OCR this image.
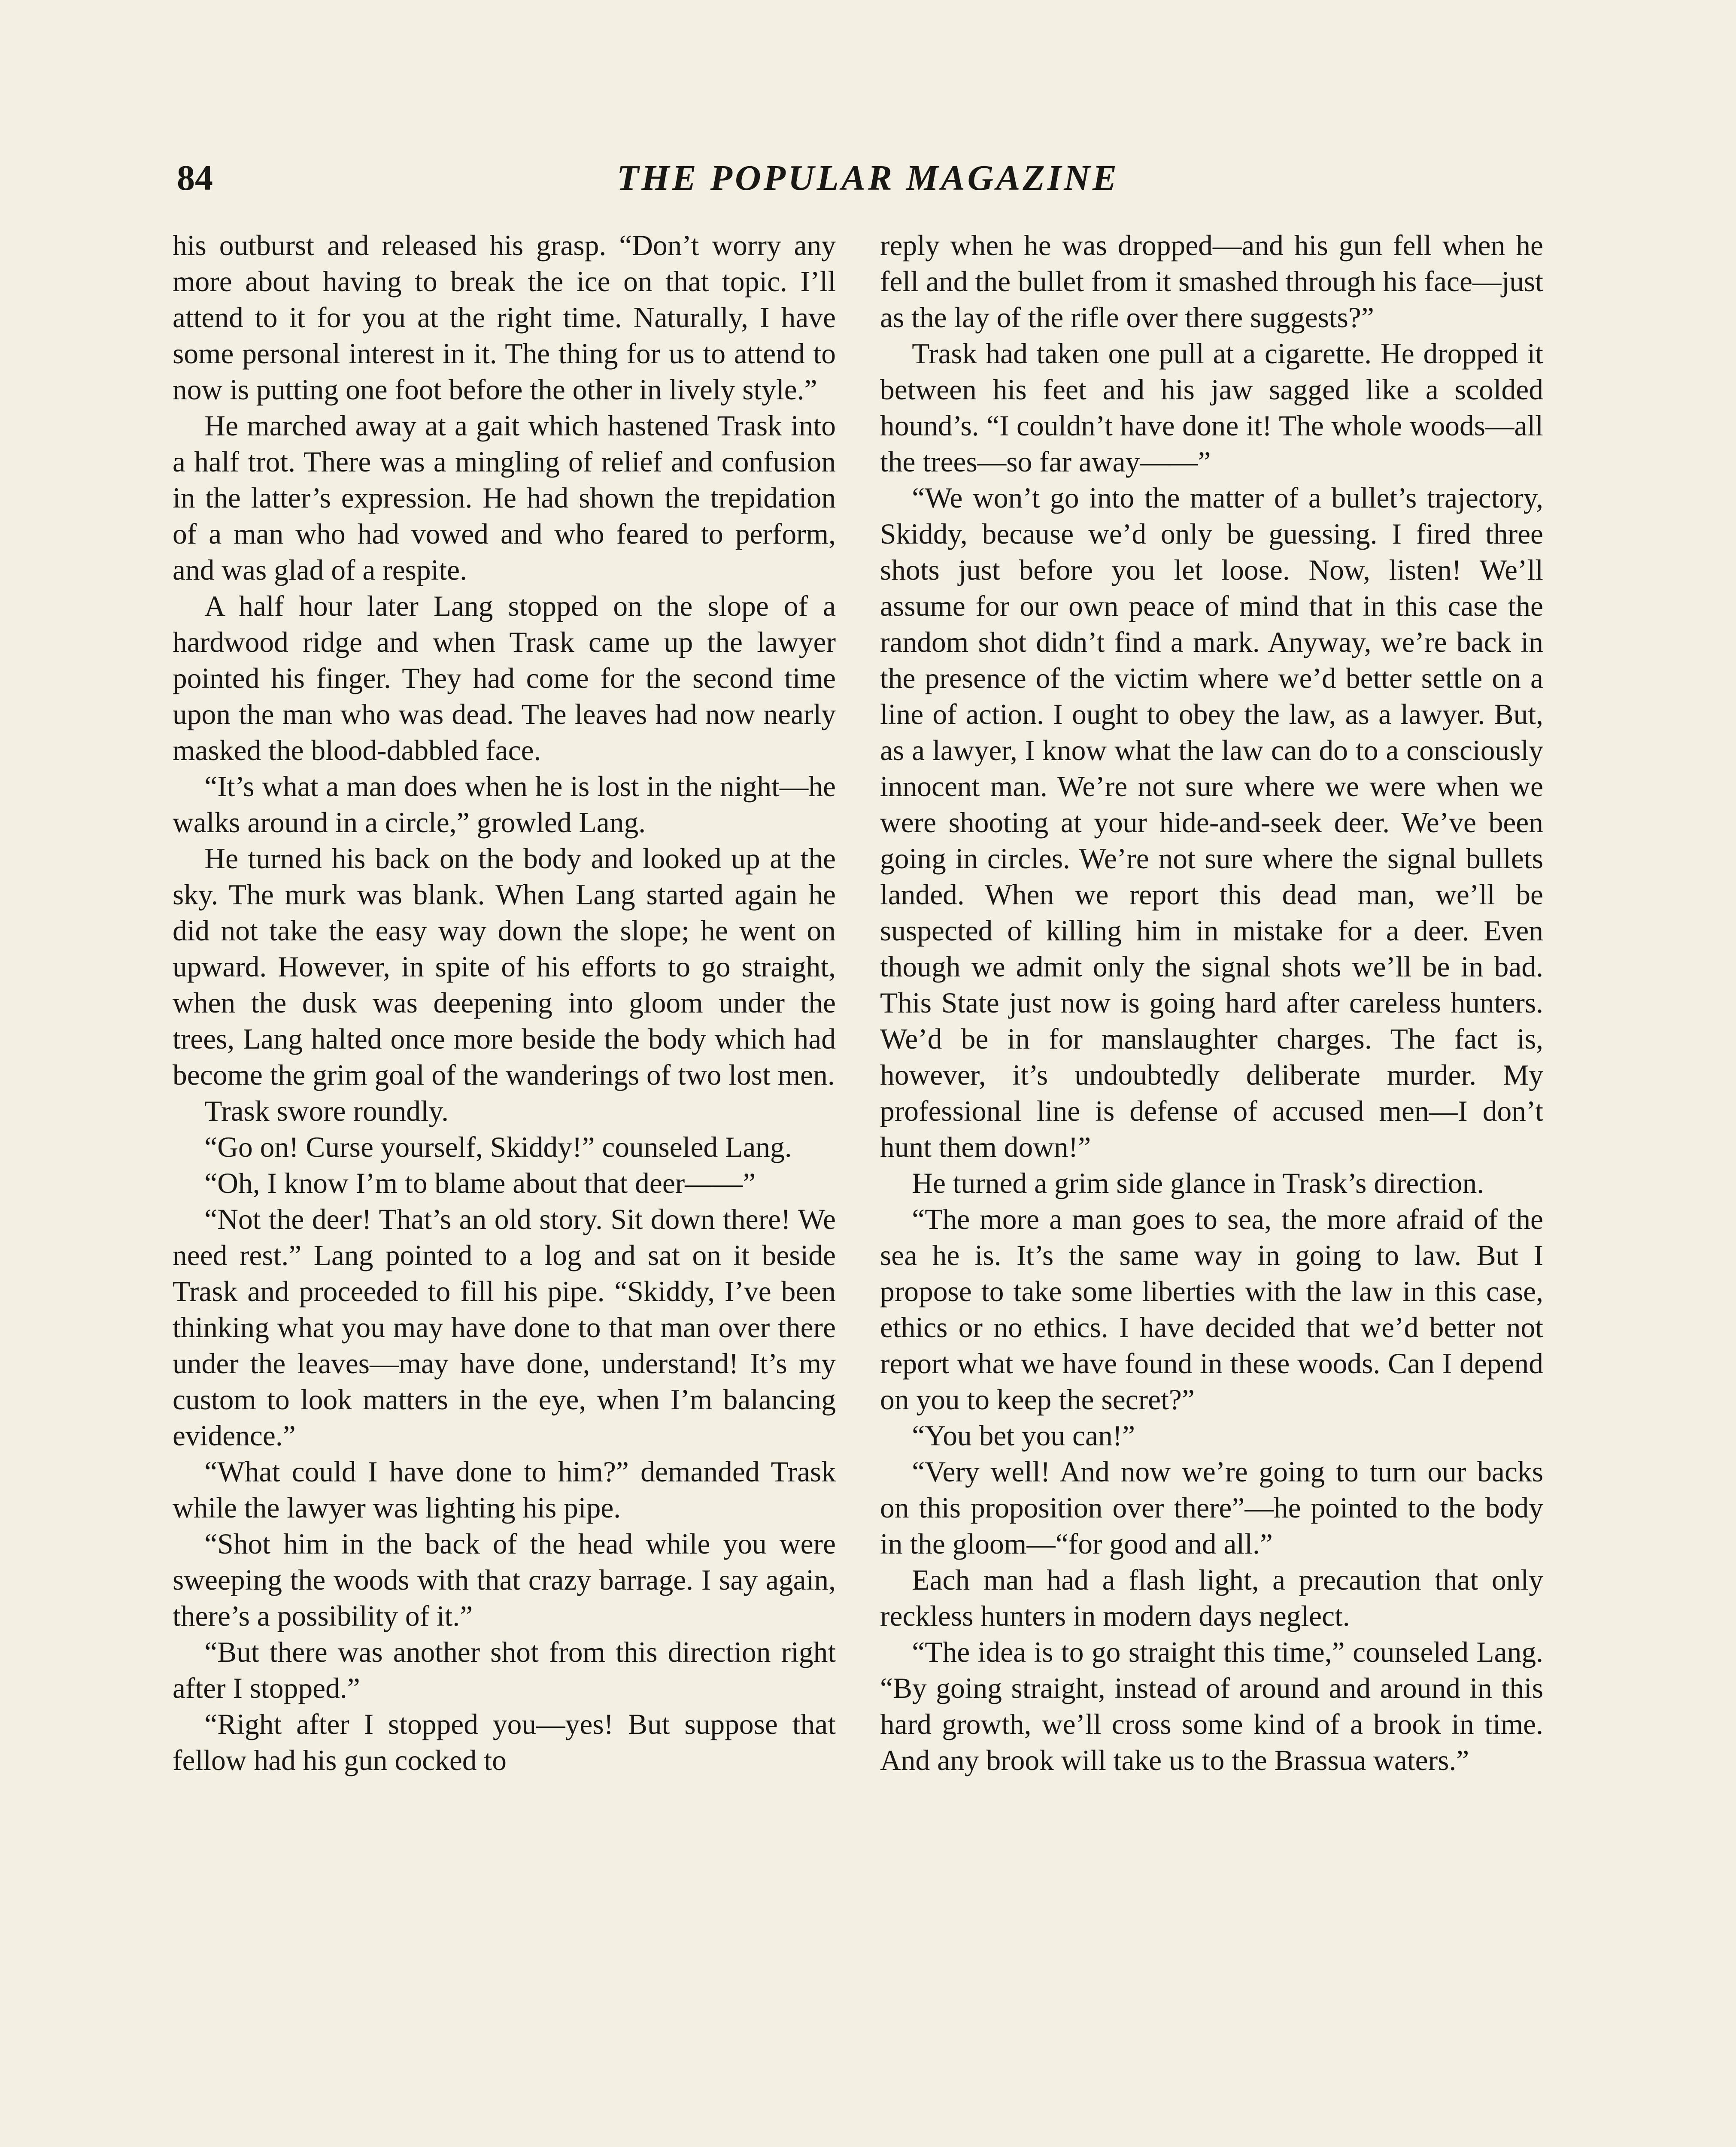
84	THE POPULAR MAGAZINE

his outburst and released his grasp. “Don’t worry any more about having to break the ice on that topic. I’ll attend to it for you at the right time. Naturally, I have some personal interest in it. The thing for us to attend to now is putting one foot before the other in lively style.”

He marched away at a gait which hastened Trask into a half trot. There was a mingling of relief and confusion in the latter’s expression. He had shown the trepidation of a man who had vowed and who feared to perform, and was glad of a respite.

A half hour later Lang stopped on the slope of a hardwood ridge and when Trask came up the lawyer pointed his finger. They had come for the second time upon the man who was dead. The leaves had now nearly masked the blood-dabbled face.

“It’s what a man does when he is lost in the night—he walks around in a circle,” growled Lang.

He turned his back on the body and looked up at the sky. The murk was blank. When Lang started again he did not take the easy way down the slope; he went on upward. However, in spite of his efforts to go straight, when the dusk was deepening into gloom under the trees, Lang halted once more beside the body which had become the grim goal of the wanderings of two lost men.

Trask swore roundly.

“Go on! Curse yourself, Skiddy!” counseled Lang.

“Oh, I know I’m to blame about that deer——”

“Not the deer! That’s an old story. Sit down there! We need rest.” Lang pointed to a log and sat on it beside Trask and proceeded to fill his pipe. “Skiddy, I’ve been thinking what you may have done to that man over there under the leaves—may have done, understand! It’s my custom to look matters in the eye, when I’m balancing evidence.”

“What could I have done to him?” demanded Trask while the lawyer was lighting his pipe.

“Shot him in the back of the head while you were sweeping the woods with that crazy barrage. I say again, there’s a possibility of it.”

“But there was another shot from this direction right after I stopped.”

“Right after I stopped you—yes! But suppose that fellow had his gun cocked to

reply when he was dropped—and his gun fell when he fell and the bullet from it smashed through his face—just as the lay of the rifle over there suggests?”

Trask had taken one pull at a cigarette. He dropped it between his feet and his jaw sagged like a scolded hound’s. “I couldn’t have done it! The whole woods—all the trees—so far away——”

“We won’t go into the matter of a bullet’s trajectory, Skiddy, because we’d only be guessing. I fired three shots just before you let loose. Now, listen! We’ll assume for our own peace of mind that in this case the random shot didn’t find a mark. Anyway, we’re back in the presence of the victim where we’d better settle on a line of action. I ought to obey the law, as a lawyer. But, as a lawyer, I know what the law can do to a consciously innocent man. We’re not sure where we were when we were shooting at your hide-and-seek deer. We’ve been going in circles. We’re not sure where the signal bullets landed. When we report this dead man, we’ll be suspected of killing him in mistake for a deer. Even though we admit only the signal shots we’ll be in bad. This State just now is going hard after careless hunters. We’d be in for manslaughter charges. The fact is, however, it’s undoubtedly deliberate murder. My professional line is defense of accused men—I don’t hunt them down!”

He turned a grim side glance in Trask’s direction.

“The more a man goes to sea, the more afraid of the sea he is. It’s the same way in going to law. But I propose to take some liberties with the law in this case, ethics or no ethics. I have decided that we’d better not report what we have found in these woods. Can I depend on you to keep the secret?”

“You bet you can!”

“Very well! And now we’re going to turn our backs on this proposition over there”—he pointed to the body in the gloom—“for good and all.”

Each man had a flash light, a precaution that only reckless hunters in modern days neglect.

“The idea is to go straight this time,” counseled Lang. “By going straight, instead of around and around in this hard growth, we’ll cross some kind of a brook in time. And any brook will take us to the Brassua waters.”
